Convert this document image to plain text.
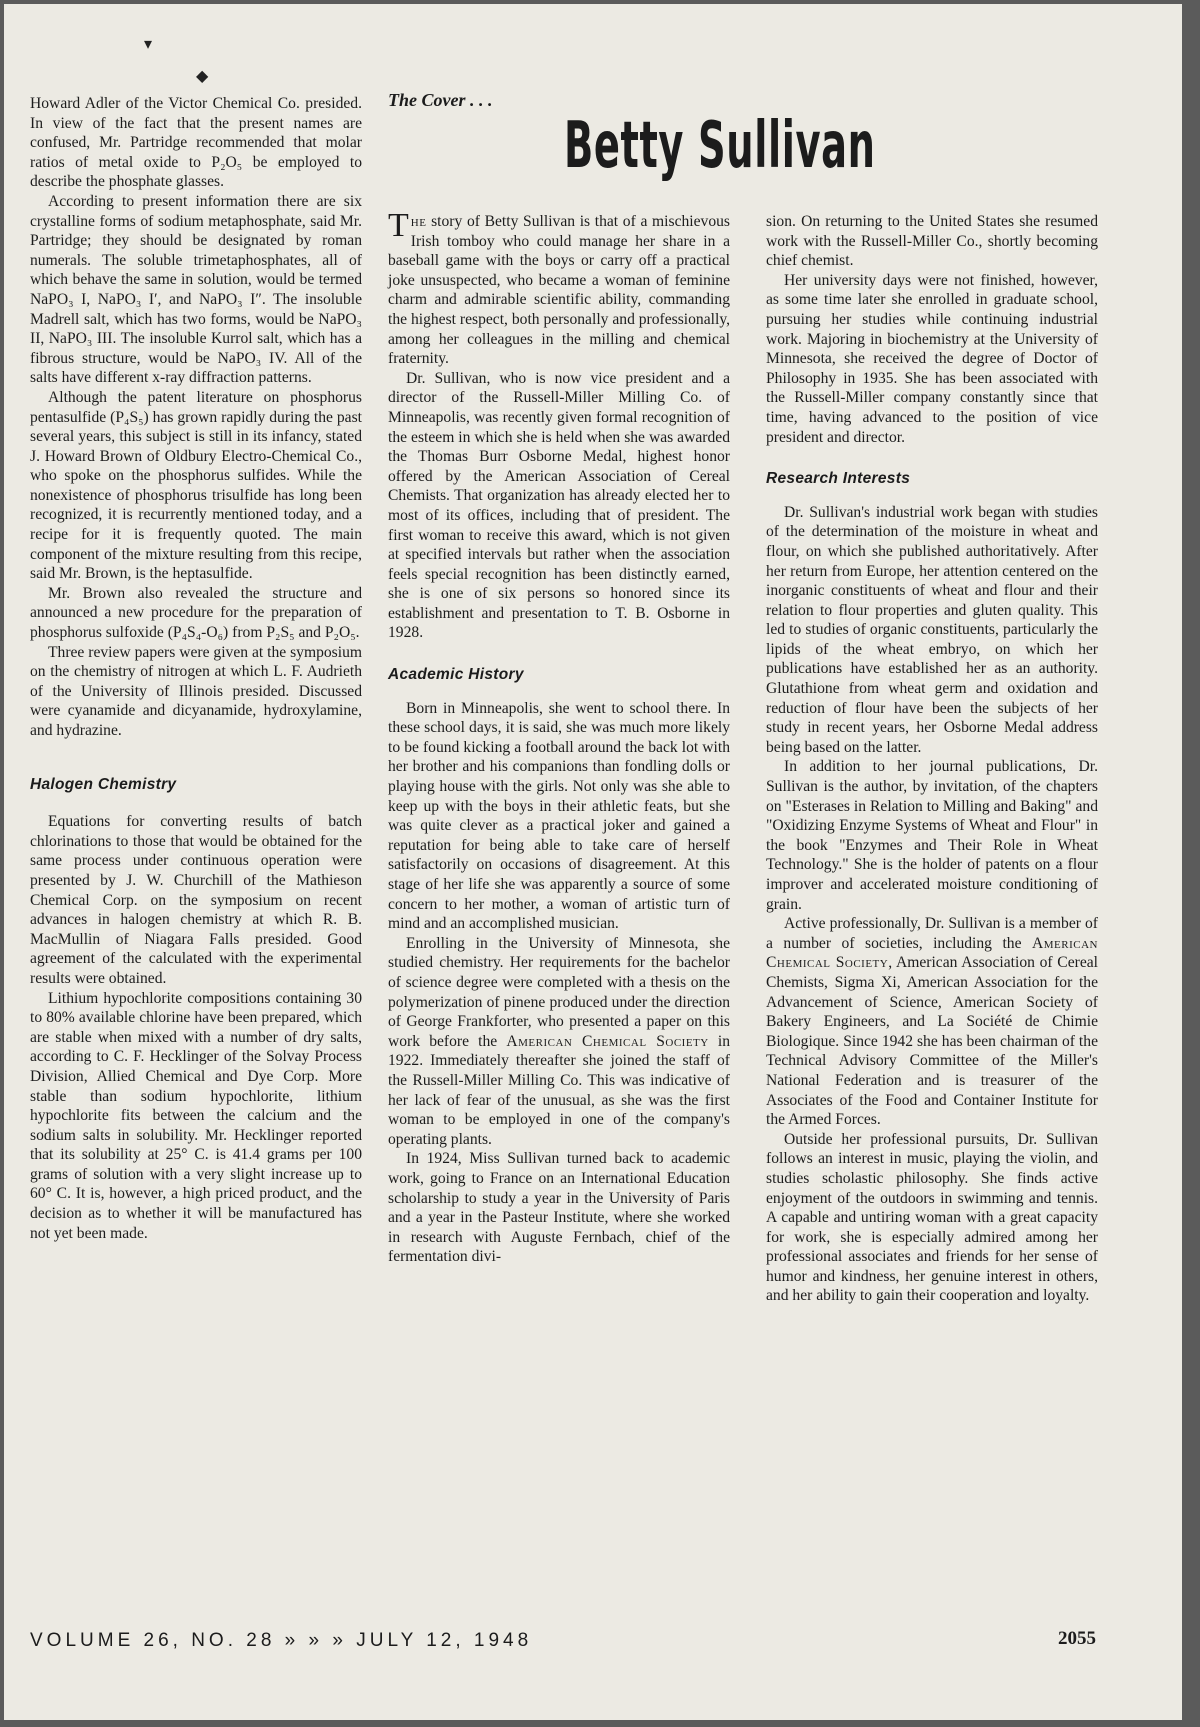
▾
◆
The Cover . . .
Betty Sullivan

Howard Adler of the Victor Chemical Co. presided. In view of the fact that the present names are confused, Mr. Partridge recommended that molar ratios of metal oxide to P₂O₅ be employed to describe the phosphate glasses.

According to present information there are six crystalline forms of sodium metaphosphate, said Mr. Partridge; they should be designated by roman numerals. The soluble trimetaphosphates, all of which behave the same in solution, would be termed NaPO₃ I, NaPO₃ I′, and NaPO₃ I″. The insoluble Madrell salt, which has two forms, would be NaPO₃ II, NaPO₃ III. The insoluble Kurrol salt, which has a fibrous structure, would be NaPO₃ IV. All of the salts have different x-ray diffraction patterns.

Although the patent literature on phosphorus pentasulfide (P₄S₅) has grown rapidly during the past several years, this subject is still in its infancy, stated J. Howard Brown of Oldbury Electro-Chemical Co., who spoke on the phosphorus sulfides. While the nonexistence of phosphorus trisulfide has long been recognized, it is recurrently mentioned today, and a recipe for it is frequently quoted. The main component of the mixture resulting from this recipe, said Mr. Brown, is the heptasulfide.

Mr. Brown also revealed the structure and announced a new procedure for the preparation of phosphorus sulfoxide (P₄S₄-O₆) from P₂S₅ and P₂O₅.

Three review papers were given at the symposium on the chemistry of nitrogen at which L. F. Audrieth of the University of Illinois presided. Discussed were cyanamide and dicyanamide, hydroxylamine, and hydrazine.

Halogen Chemistry

Equations for converting results of batch chlorinations to those that would be obtained for the same process under continuous operation were presented by J. W. Churchill of the Mathieson Chemical Corp. on the symposium on recent advances in halogen chemistry at which R. B. MacMullin of Niagara Falls presided. Good agreement of the calculated with the experimental results were obtained.

Lithium hypochlorite compositions containing 30 to 80% available chlorine have been prepared, which are stable when mixed with a number of dry salts, according to C. F. Hecklinger of the Solvay Process Division, Allied Chemical and Dye Corp. More stable than sodium hypochlorite, lithium hypochlorite fits between the calcium and the sodium salts in solubility. Mr. Hecklinger reported that its solubility at 25° C. is 41.4 grams per 100 grams of solution with a very slight increase up to 60° C. It is, however, a high priced product, and the decision as to whether it will be manufactured has not yet been made.

The story of Betty Sullivan is that of a mischievous Irish tomboy who could manage her share in a baseball game with the boys or carry off a practical joke unsuspected, who became a woman of feminine charm and admirable scientific ability, commanding the highest respect, both personally and professionally, among her colleagues in the milling and chemical fraternity.

Dr. Sullivan, who is now vice president and a director of the Russell-Miller Milling Co. of Minneapolis, was recently given formal recognition of the esteem in which she is held when she was awarded the Thomas Burr Osborne Medal, highest honor offered by the American Association of Cereal Chemists. That organization has already elected her to most of its offices, including that of president. The first woman to receive this award, which is not given at specified intervals but rather when the association feels special recognition has been distinctly earned, she is one of six persons so honored since its establishment and presentation to T. B. Osborne in 1928.

Academic History

Born in Minneapolis, she went to school there. In these school days, it is said, she was much more likely to be found kicking a football around the back lot with her brother and his companions than fondling dolls or playing house with the girls. Not only was she able to keep up with the boys in their athletic feats, but she was quite clever as a practical joker and gained a reputation for being able to take care of herself satisfactorily on occasions of disagreement. At this stage of her life she was apparently a source of some concern to her mother, a woman of artistic turn of mind and an accomplished musician.

Enrolling in the University of Minnesota, she studied chemistry. Her requirements for the bachelor of science degree were completed with a thesis on the polymerization of pinene produced under the direction of George Frankforter, who presented a paper on this work before the American Chemical Society in 1922. Immediately thereafter she joined the staff of the Russell-Miller Milling Co. This was indicative of her lack of fear of the unusual, as she was the first woman to be employed in one of the company's operating plants.

In 1924, Miss Sullivan turned back to academic work, going to France on an International Education scholarship to study a year in the University of Paris and a year in the Pasteur Institute, where she worked in research with Auguste Fernbach, chief of the fermentation divi-

sion. On returning to the United States she resumed work with the Russell-Miller Co., shortly becoming chief chemist.

Her university days were not finished, however, as some time later she enrolled in graduate school, pursuing her studies while continuing industrial work. Majoring in biochemistry at the University of Minnesota, she received the degree of Doctor of Philosophy in 1935. She has been associated with the Russell-Miller company constantly since that time, having advanced to the position of vice president and director.

Research Interests

Dr. Sullivan's industrial work began with studies of the determination of the moisture in wheat and flour, on which she published authoritatively. After her return from Europe, her attention centered on the inorganic constituents of wheat and flour and their relation to flour properties and gluten quality. This led to studies of organic constituents, particularly the lipids of the wheat embryo, on which her publications have established her as an authority. Glutathione from wheat germ and oxidation and reduction of flour have been the subjects of her study in recent years, her Osborne Medal address being based on the latter.

In addition to her journal publications, Dr. Sullivan is the author, by invitation, of the chapters on "Esterases in Relation to Milling and Baking" and "Oxidizing Enzyme Systems of Wheat and Flour" in the book "Enzymes and Their Role in Wheat Technology." She is the holder of patents on a flour improver and accelerated moisture conditioning of grain.

Active professionally, Dr. Sullivan is a member of a number of societies, including the American Chemical Society, American Association of Cereal Chemists, Sigma Xi, American Association for the Advancement of Science, American Society of Bakery Engineers, and La Société de Chimie Biologique. Since 1942 she has been chairman of the Technical Advisory Committee of the Miller's National Federation and is treasurer of the Associates of the Food and Container Institute for the Armed Forces.

Outside her professional pursuits, Dr. Sullivan follows an interest in music, playing the violin, and studies scholastic philosophy. She finds active enjoyment of the outdoors in swimming and tennis. A capable and untiring woman with a great capacity for work, she is especially admired among her professional associates and friends for her sense of humor and kindness, her genuine interest in others, and her ability to gain their cooperation and loyalty.

VOLUME 26, NO. 28 » » » JULY 12, 1948	2055
